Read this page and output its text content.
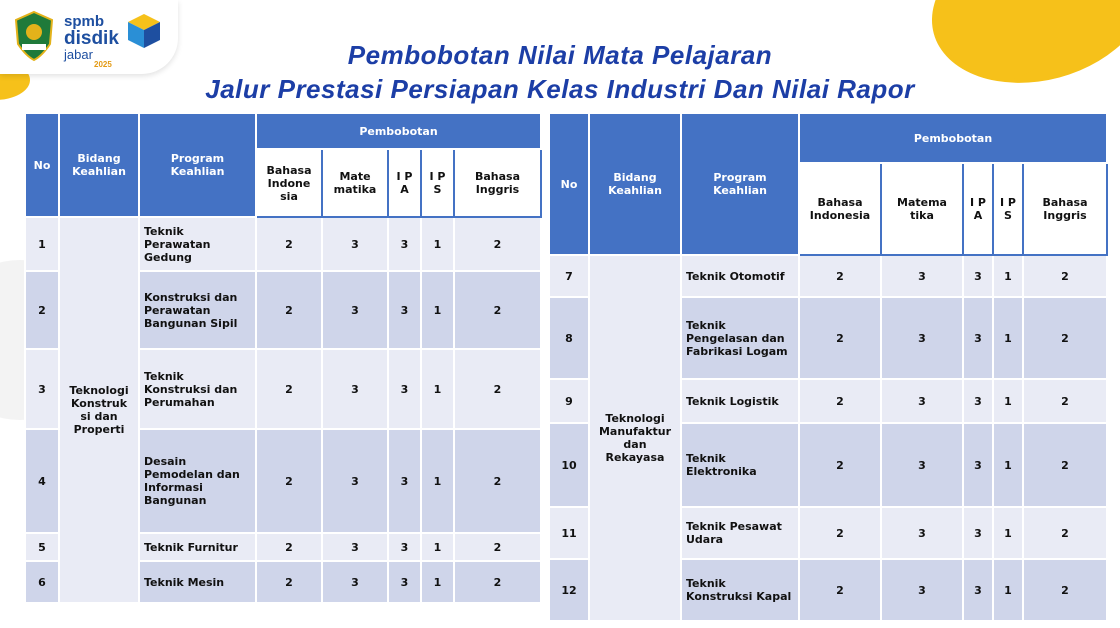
spmb
disdik
jabar
2025	Pembobotan Nilai Mata Pelajaran
Jalur Prestasi Persiapan Kelas Industri Dan Nilai Rapor
No	Bidang Keahlian	Program Keahlian	Pembobotan				
			Bahasa Indone sia	Mate matika	I P A	I P S	Bahasa Inggris
1	Teknologi Konstruk si dan Properti	Teknik Perawatan Gedung	2	3	3	1	2
2		Konstruksi dan Perawatan Bangunan Sipil	2	3	3	1	2
3		Teknik Konstruksi dan Perumahan	2	3	3	1	2
4		Desain Pemodelan dan Informasi Bangunan	2	3	3	1	2
5		Teknik Furnitur	2	3	3	1	2
6		Teknik Mesin	2	3	3	1	2
No	Bidang Keahlian	Program Keahlian	Pembobotan				
			Bahasa Indonesia	Matema tika	I P A	I P S	Bahasa Inggris
7	Teknologi Manufaktur dan Rekayasa	Teknik Otomotif	2	3	3	1	2
8		Teknik Pengelasan dan Fabrikasi Logam	2	3	3	1	2
9		Teknik Logistik	2	3	3	1	2
10		Teknik Elektronika	2	3	3	1	2
11		Teknik Pesawat Udara	2	3	3	1	2
12		Teknik Konstruksi Kapal	2	3	3	1	2
